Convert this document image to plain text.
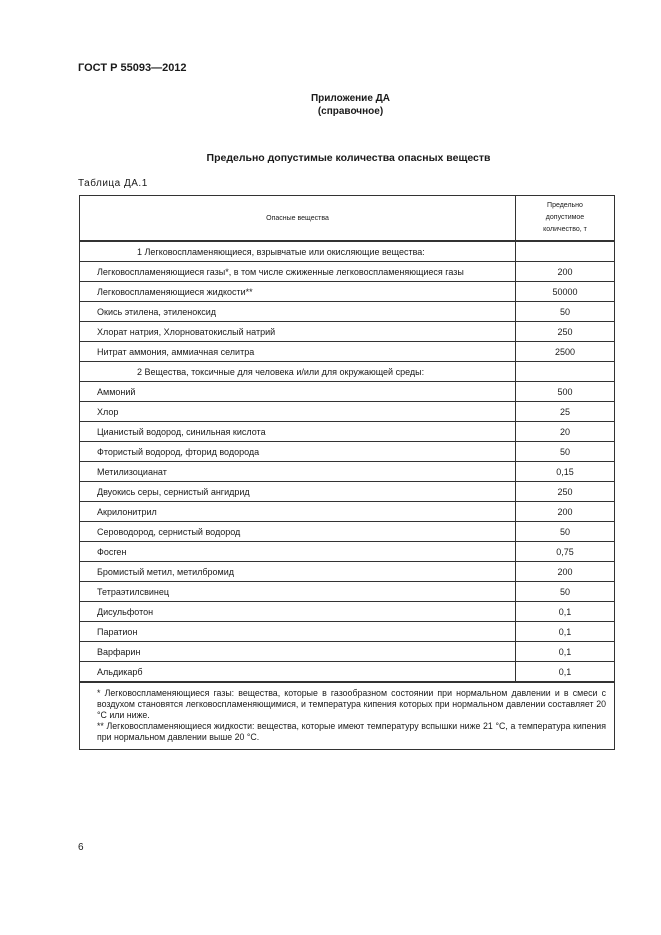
ГОСТ Р 55093—2012
Приложение ДА
(справочное)
Предельно допустимые количества опасных веществ
Таблица ДА.1
Опасные вещества	Предельно
допустимое
количество, т

1 Легковоспламеняющиеся, взрывчатые или окисляющие вещества:	
Легковоспламеняющиеся газы*, в том числе сжиженные легковоспламеняющиеся газы	200
Легковоспламеняющиеся жидкости**	50000
Окись этилена, этиленоксид	50
Хлорат натрия, Хлорноватокислый натрий	250
Нитрат аммония, аммиачная селитра	2500
2 Вещества, токсичные для человека и/или для окружающей среды:	
Аммоний	500
Хлор	25
Цианистый водород, синильная кислота	20
Фтористый водород, фторид водорода	50
Метилизоцианат	0,15
Двуокись серы, сернистый ангидрид	250
Акрилонитрил	200
Сероводород, сернистый водород	50
Фосген	0,75
Бромистый метил, метилбромид	200
Тетраэтилсвинец	50
Дисульфотон	0,1
Паратион	0,1
Варфарин	0,1
Альдикарб	0,1

* Легковоспламеняющиеся газы: вещества, которые в газообразном состоянии при нормальном давлении и в смеси с воздухом становятся легковоспламеняющимися, и температура кипения которых при нормальном давлении составляет 20 °С или ниже.
** Легковоспламеняющиеся жидкости: вещества, которые имеют температуру вспышки ниже 21 °С, а температура кипения при нормальном давлении выше 20 °С.	
6
